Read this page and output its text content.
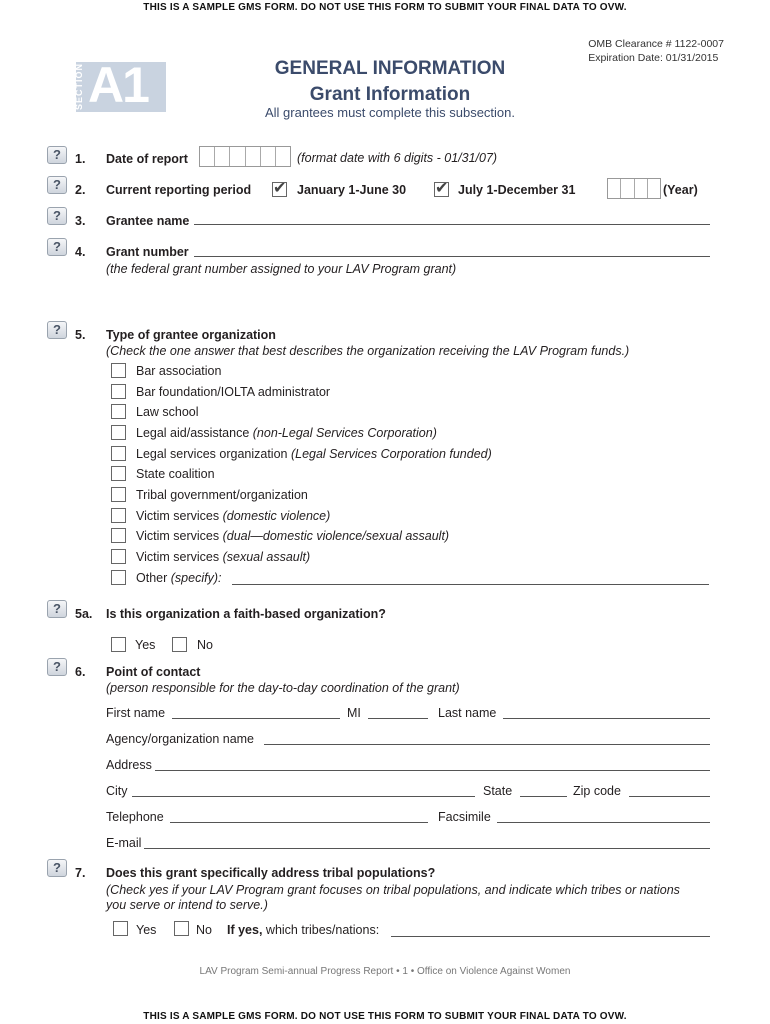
THIS IS A SAMPLE GMS FORM. DO NOT USE THIS FORM TO SUBMIT YOUR FINAL DATA TO OVW.
THIS IS A SAMPLE GMS FORM. DO NOT USE THIS FORM TO SUBMIT YOUR FINAL DATA TO OVW.
OMB Clearance # 1122-0007
Expiration Date: 01/31/2015
SECTION A1	GENERAL INFORMATION
Grant Information
All grantees must complete this subsection.
?	1. Date of report	(format date with 6 digits - 01/31/07)
?	2. Current reporting period ✔ January 1-June 30 ✔ July 1-December 31	(Year)
?	3. Grantee name
?	4. Grant number
(the federal grant number assigned to your LAV Program grant)
?	5. Type of grantee organization
(Check the one answer that best describes the organization receiving the LAV Program funds.)
Bar association
Bar foundation/IOLTA administrator
Law school
Legal aid/assistance (non-Legal Services Corporation)
Legal services organization (Legal Services Corporation funded)
State coalition
Tribal government/organization
Victim services (domestic violence)
Victim services (dual—domestic violence/sexual assault)
Victim services (sexual assault)
Other (specify):
?	5a. Is this organization a faith-based organization?
Yes	No
?	6. Point of contact
(person responsible for the day-to-day coordination of the grant)
First name	MI	Last name
Agency/organization name
Address
City	State	Zip code
Telephone	Facsimile
E-mail
?	7. Does this grant specifically address tribal populations?
(Check yes if your LAV Program grant focuses on tribal populations, and indicate which tribes or nations
you serve or intend to serve.)
Yes	No If yes, which tribes/nations:
LAV Program Semi-annual Progress Report • 1 • Office on Violence Against Women
